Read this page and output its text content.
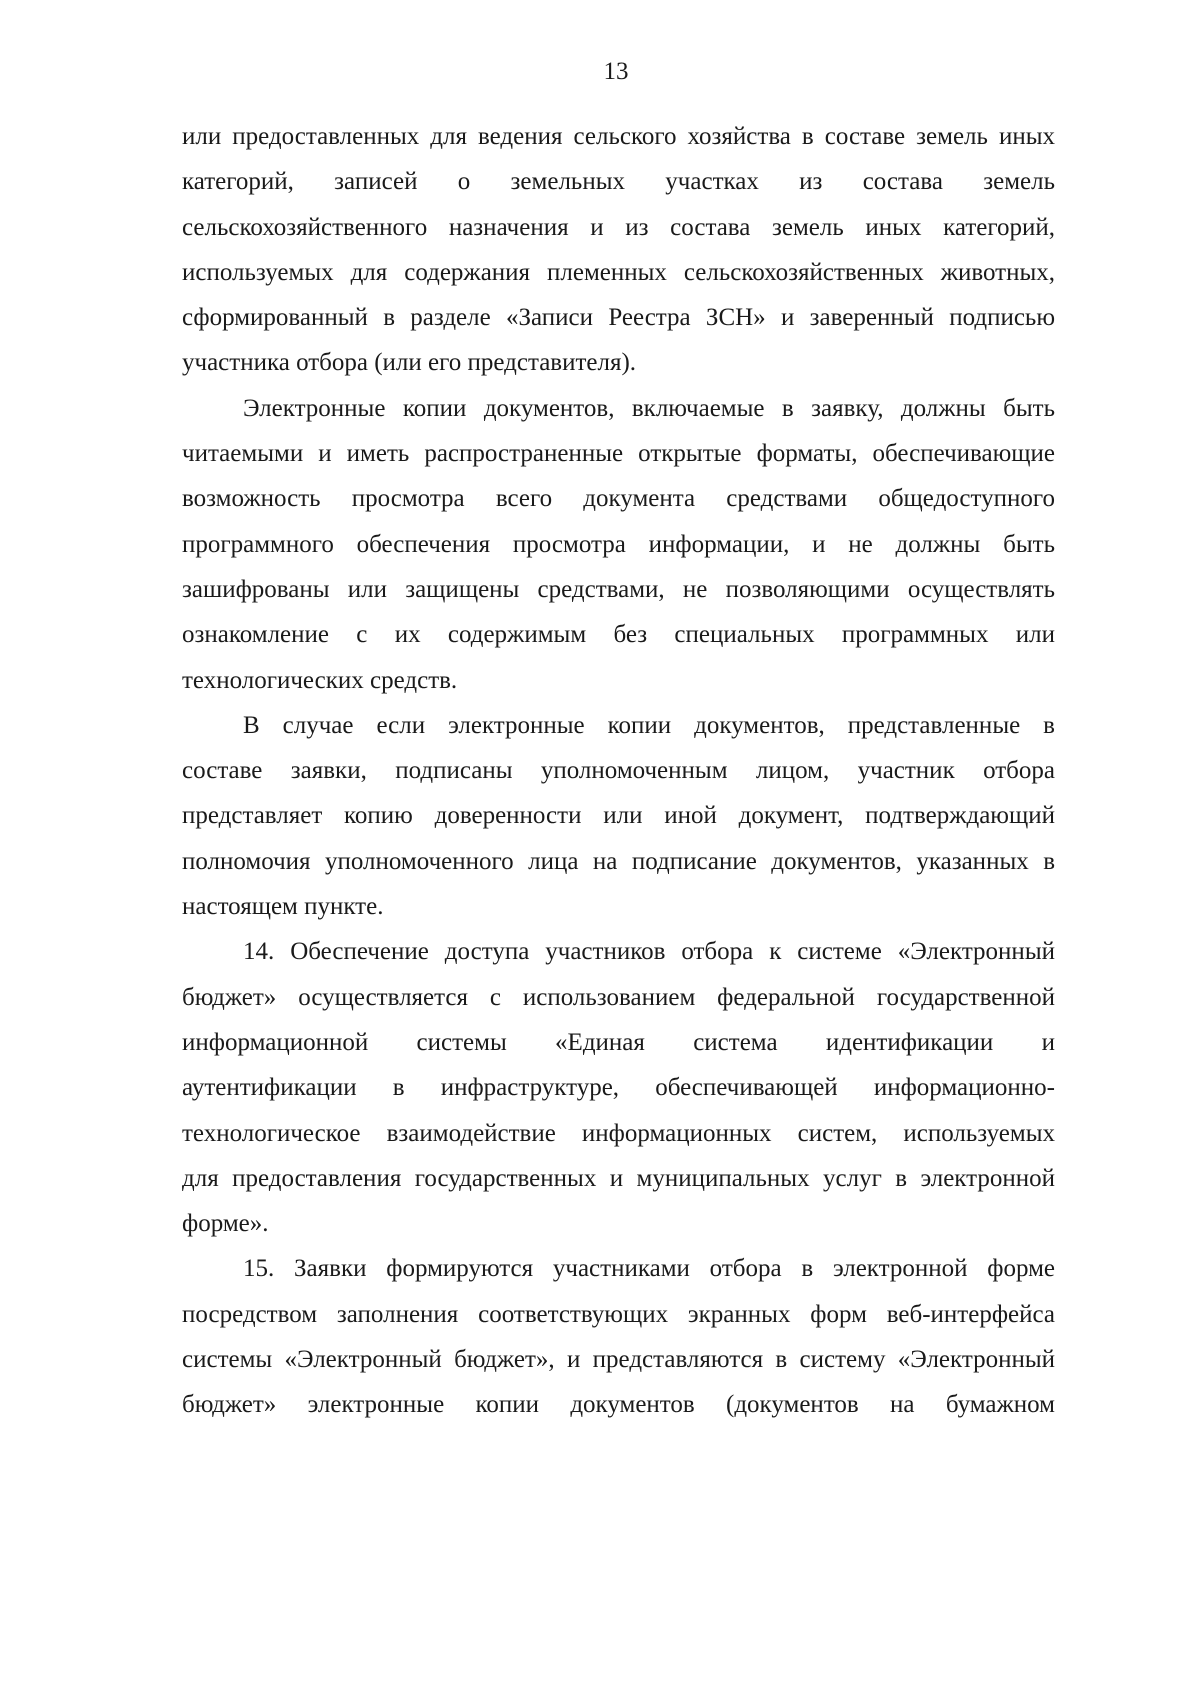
13
или предоставленных для ведения сельского хозяйства в составе земель иных
категорий, записей о земельных участках из состава земель
сельскохозяйственного назначения и из состава земель иных категорий,
используемых для содержания племенных сельскохозяйственных животных,
сформированный в разделе «Записи Реестра ЗСН» и заверенный подписью
участника отбора (или его представителя).
Электронные копии документов, включаемые в заявку, должны быть
читаемыми и иметь распространенные открытые форматы, обеспечивающие
возможность просмотра всего документа средствами общедоступного
программного обеспечения просмотра информации, и не должны быть
зашифрованы или защищены средствами, не позволяющими осуществлять
ознакомление с их содержимым без специальных программных или
технологических средств.
В случае если электронные копии документов, представленные в
составе заявки, подписаны уполномоченным лицом, участник отбора
представляет копию доверенности или иной документ, подтверждающий
полномочия уполномоченного лица на подписание документов, указанных в
настоящем пункте.
14. Обеспечение доступа участников отбора к системе «Электронный
бюджет» осуществляется с использованием федеральной государственной
информационной системы «Единая система идентификации и
аутентификации в инфраструктуре, обеспечивающей информационно-
технологическое взаимодействие информационных систем, используемых
для предоставления государственных и муниципальных услуг в электронной
форме».
15. Заявки формируются участниками отбора в электронной форме
посредством заполнения соответствующих экранных форм веб-интерфейса
системы «Электронный бюджет», и представляются в систему «Электронный
бюджет» электронные копии документов (документов на бумажном
